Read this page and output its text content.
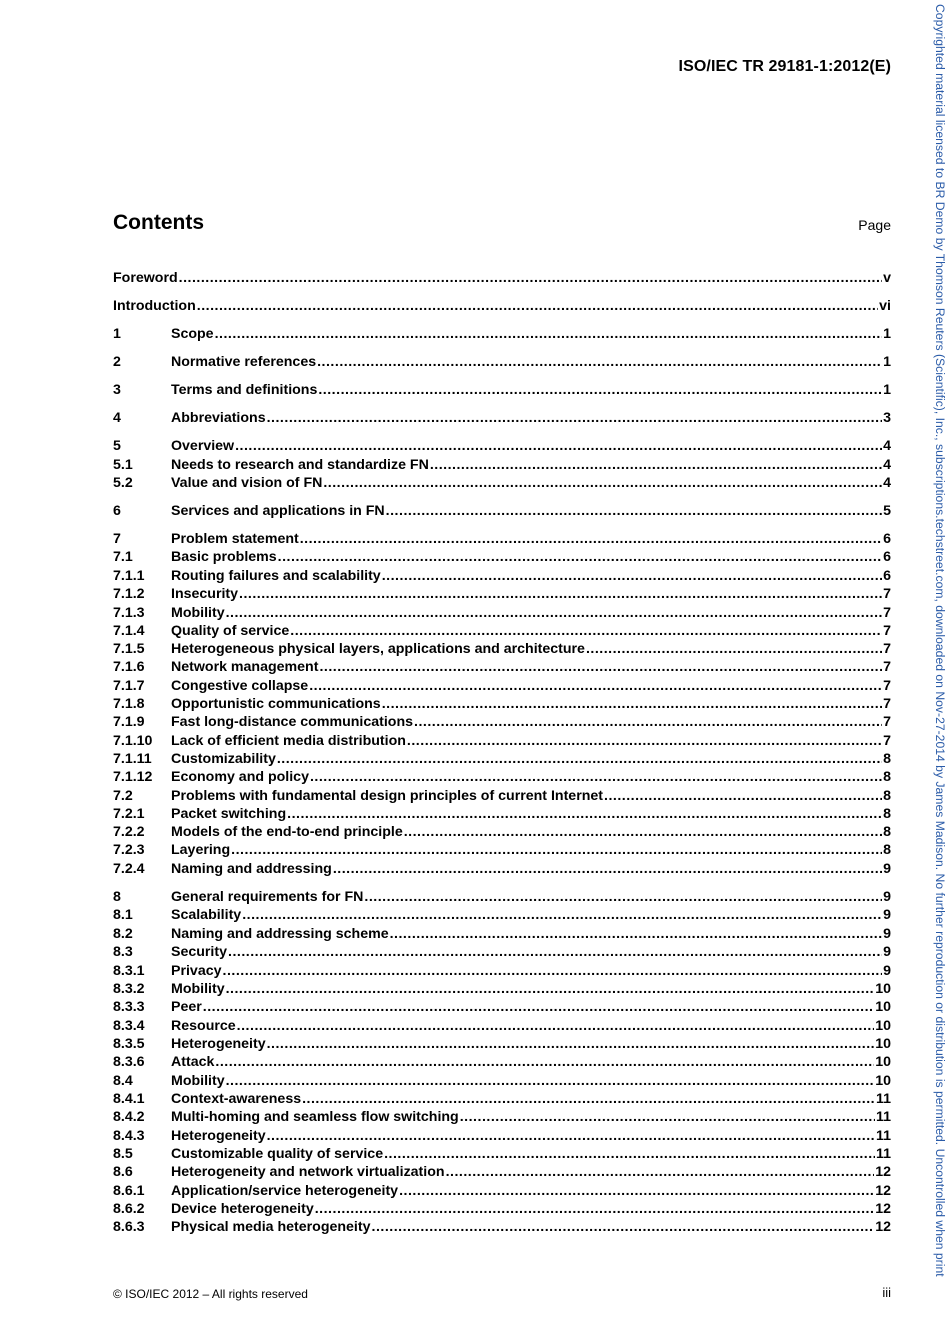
ISO/IEC TR 29181-1:2012(E)
Contents	Page
Foreword .....	v
Introduction .....	vi
1	Scope .....	1
2	Normative references .....	1
3	Terms and definitions .....	1
4	Abbreviations .....	3
5	Overview .....	4
5.1	Needs to research and standardize FN .....	4
5.2	Value and vision of FN .....	4
6	Services and applications in FN .....	5
7	Problem statement .....	6
7.1	Basic problems .....	6
7.1.1	Routing failures and scalability .....	6
7.1.2	Insecurity .....	7
7.1.3	Mobility .....	7
7.1.4	Quality of service .....	7
7.1.5	Heterogeneous physical layers, applications and architecture .....	7
7.1.6	Network management .....	7
7.1.7	Congestive collapse .....	7
7.1.8	Opportunistic communications .....	7
7.1.9	Fast long-distance communications .....	7
7.1.10	Lack of efficient media distribution .....	7
7.1.11	Customizability .....	8
7.1.12	Economy and policy .....	8
7.2	Problems with fundamental design principles of current Internet .....	8
7.2.1	Packet switching .....	8
7.2.2	Models of the end-to-end principle .....	8
7.2.3	Layering .....	8
7.2.4	Naming and addressing .....	9
8	General requirements for FN .....	9
8.1	Scalability .....	9
8.2	Naming and addressing scheme .....	9
8.3	Security .....	9
8.3.1	Privacy .....	9
8.3.2	Mobility .....	10
8.3.3	Peer .....	10
8.3.4	Resource .....	10
8.3.5	Heterogeneity .....	10
8.3.6	Attack .....	10
8.4	Mobility .....	10
8.4.1	Context-awareness .....	11
8.4.2	Multi-homing and seamless flow switching .....	11
8.4.3	Heterogeneity .....	11
8.5	Customizable quality of service .....	11
8.6	Heterogeneity and network virtualization .....	12
8.6.1	Application/service heterogeneity .....	12
8.6.2	Device heterogeneity .....	12
8.6.3	Physical media heterogeneity .....	12
© ISO/IEC 2012 – All rights reserved	iii
Copyrighted material licensed to BR Demo by Thomson Reuters (Scientific), Inc., subscriptions.techstreet.com, downloaded on Nov-27-2014 by James Madison. No further reproduction or distribution is permitted. Uncontrolled when print
